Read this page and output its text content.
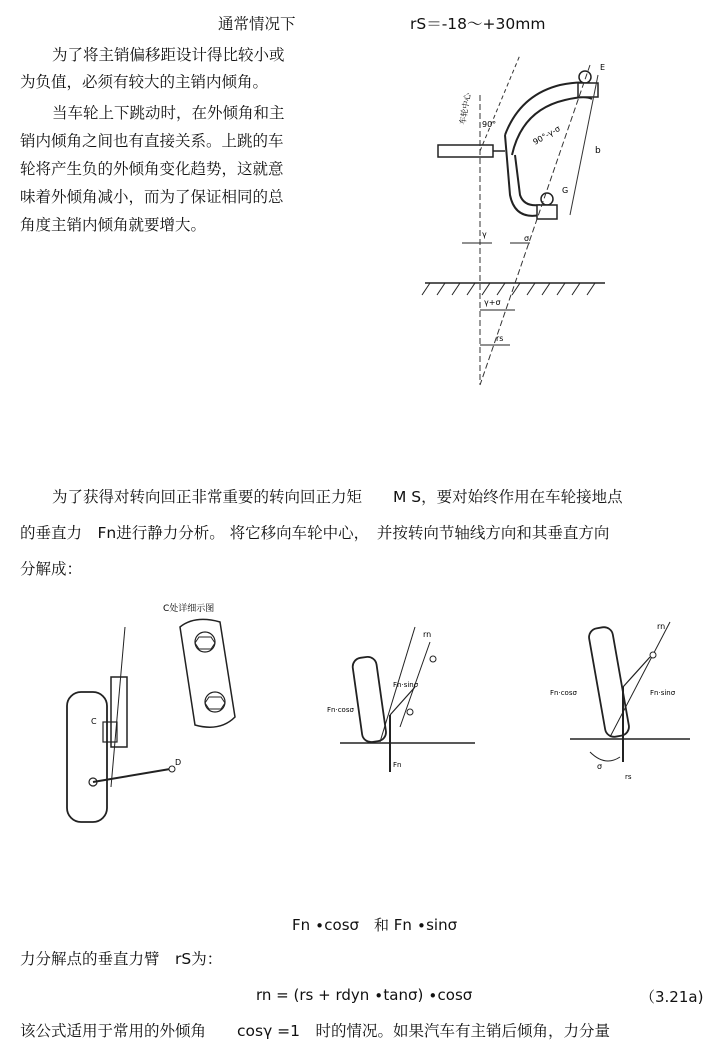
通常情况下	rS＝-18～+30mm
为了将主销偏移距设计得比较小或
为负值，必须有较大的主销内倾角。
当车轮上下跳动时，在外倾角和主
销内倾角之间也有直接关系。上跳的车
轮将产生负的外倾角变化趋势，这就意
味着外倾角减小，而为了保证相同的总
角度主销内倾角就要增大。
车轮中心 90°	90°-γ-σ
E
G
b
γ	σ
γ+σ
rs
为了获得对转向回正非常重要的转向回正力矩　　M S，要对始终作用在车轮接地点
的垂直力　Fn进行静力分析。 将它移向车轮中心，　并按转向节轴线方向和其垂直方向
分解成：
C
D
C处详细示图
rn
Fn·sinσ
Fn·cosσ
Fn
rn
Fn·sinσ
Fn·cosσ
σ
rs
Fn ∙cosσ　和 Fn ∙sinσ
力分解点的垂直力臂　rS为：
rn = (rs + rdyn ∙tanσ) ∙cosσ	（3.21a)
该公式适用于常用的外倾角　　cosγ =1　时的情况。如果汽车有主销后倾角，力分量
